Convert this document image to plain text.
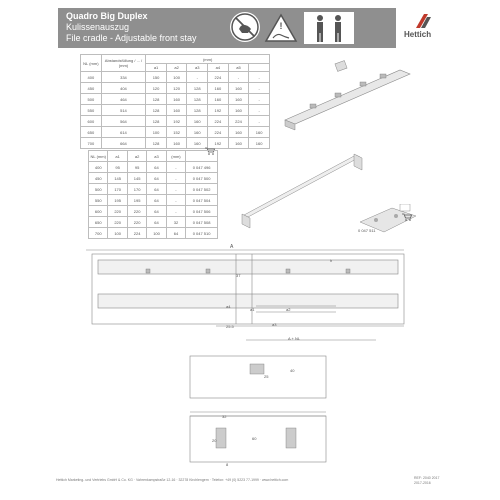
Quadro Big Duplex
Kulissenauszug
File cradle - Adjustable front stay
!
Hettich
NL (mm)	Abstandsfüllung / ... / (mm)	(mm)					
		a1	a2	a3	a4	a5	
400	334	150	100	-	224	-	-
450	404	120	120	128	160	160	-
500	464	128	160	128	160	160	-
550	514	128	160	128	192	160	-
600	564	128	192	160	224	224	-
650	614	100	152	160	224	160	160
700	664	128	160	160	192	160	160
NL (mm)	a1	a2	a3	(mm)	
400	95	95	64	-	0 047 496
450	145	145	64	-	0 047 500
500	170	170	64	-	0 047 502
550	195	195	64	-	0 047 504
600	220	220	64	-	0 047 506
650	220	220	64	32	0 047 508
700	100	224	100	64	0 047 510	0 047 511
A
37
h
a1	a2
a3
a4
25.5
A + NL
25
40
32
60
20
8
Hettich Marketing- und Vertriebs GmbH & Co. KG · Vahrenkampstraße 12-16 · 32278 Kirchlengern · Telefon: +49 (0) 5223 77-1999 · www.hettich.com	REF: 2040 2017
2017-2016
